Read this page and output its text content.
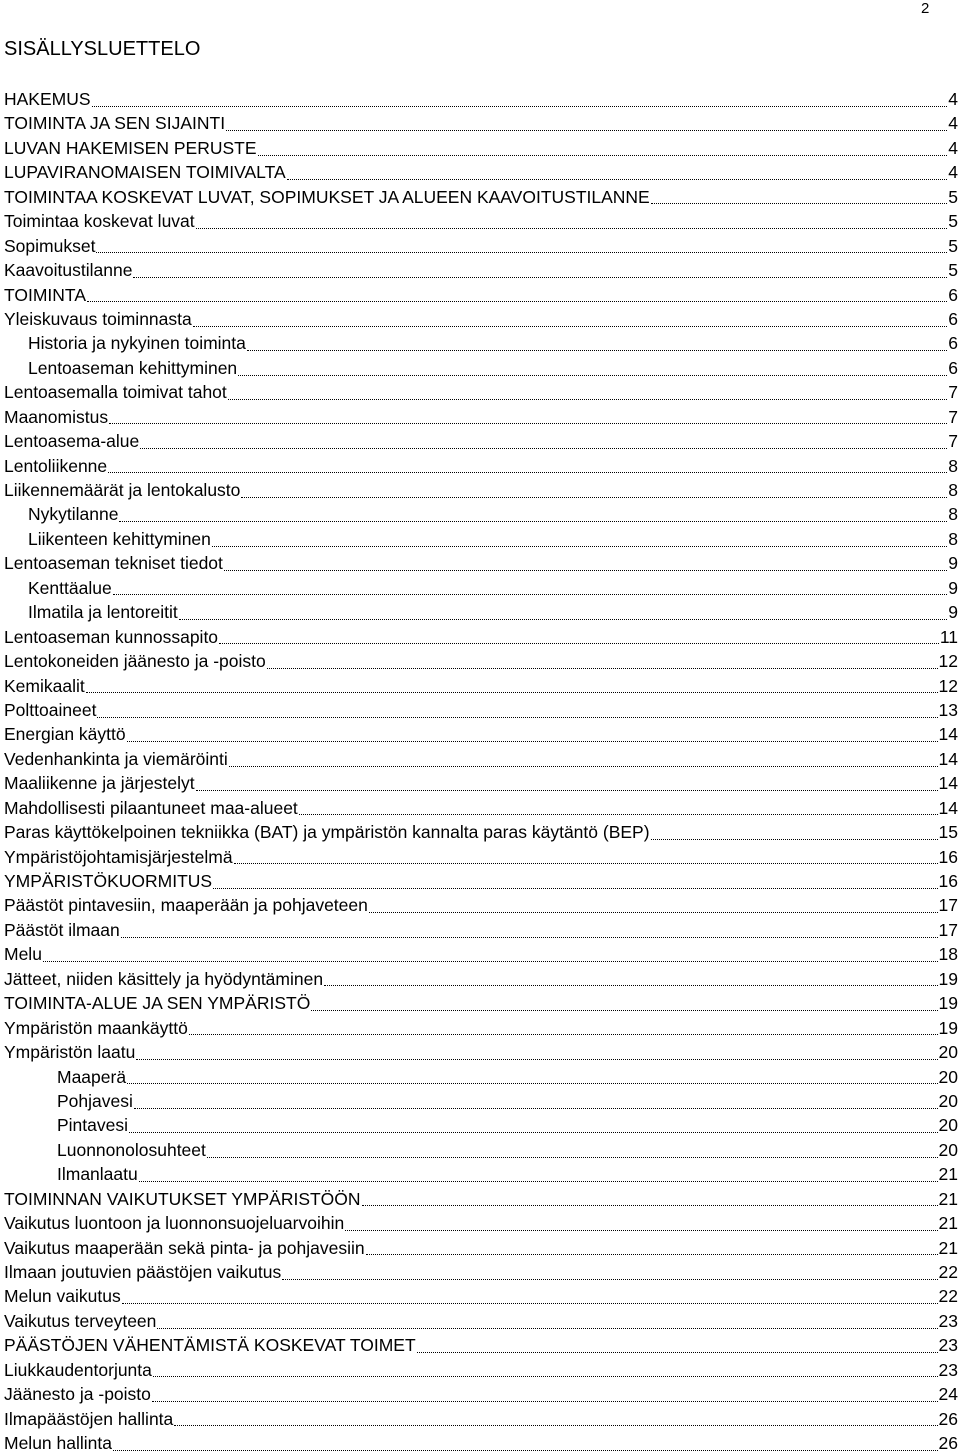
2
SISÄLLYSLUETTELO
HAKEMUS	4
TOIMINTA JA SEN SIJAINTI	4
LUVAN HAKEMISEN PERUSTE	4
LUPAVIRANOMAISEN TOIMIVALTA	4
TOIMINTAA KOSKEVAT LUVAT, SOPIMUKSET JA ALUEEN KAAVOITUSTILANNE	5
Toimintaa koskevat luvat	5
Sopimukset	5
Kaavoitustilanne	5
TOIMINTA	6
Yleiskuvaus toiminnasta	6
Historia ja nykyinen toiminta	6
Lentoaseman kehittyminen	6
Lentoasemalla toimivat tahot	7
Maanomistus	7
Lentoasema-alue	7
Lentoliikenne	8
Liikennemäärät ja lentokalusto	8
Nykytilanne	8
Liikenteen kehittyminen	8
Lentoaseman tekniset tiedot	9
Kenttäalue	9
Ilmatila ja lentoreitit	9
Lentoaseman kunnossapito	11
Lentokoneiden jäänesto ja -poisto	12
Kemikaalit	12
Polttoaineet	13
Energian käyttö	14
Vedenhankinta ja viemäröinti	14
Maaliikenne ja järjestelyt	14
Mahdollisesti pilaantuneet maa-alueet	14
Paras käyttökelpoinen tekniikka (BAT) ja ympäristön kannalta paras käytäntö (BEP)	15
Ympäristöjohtamisjärjestelmä	16
YMPÄRISTÖKUORMITUS	16
Päästöt pintavesiin, maaperään ja pohjaveteen	17
Päästöt ilmaan	17
Melu	18
Jätteet, niiden käsittely ja hyödyntäminen	19
TOIMINTA-ALUE JA SEN YMPÄRISTÖ	19
Ympäristön maankäyttö	19
Ympäristön laatu	20
Maaperä	20
Pohjavesi	20
Pintavesi	20
Luonnonolosuhteet	20
Ilmanlaatu	21
TOIMINNAN VAIKUTUKSET YMPÄRISTÖÖN	21
Vaikutus luontoon ja luonnonsuojeluarvoihin	21
Vaikutus maaperään sekä pinta- ja pohjavesiin	21
Ilmaan joutuvien päästöjen vaikutus	22
Melun vaikutus	22
Vaikutus terveyteen	23
PÄÄSTÖJEN VÄHENTÄMISTÄ KOSKEVAT TOIMET	23
Liukkaudentorjunta	23
Jäänesto ja -poisto	24
Ilmapäästöjen hallinta	26
Melun hallinta	26
